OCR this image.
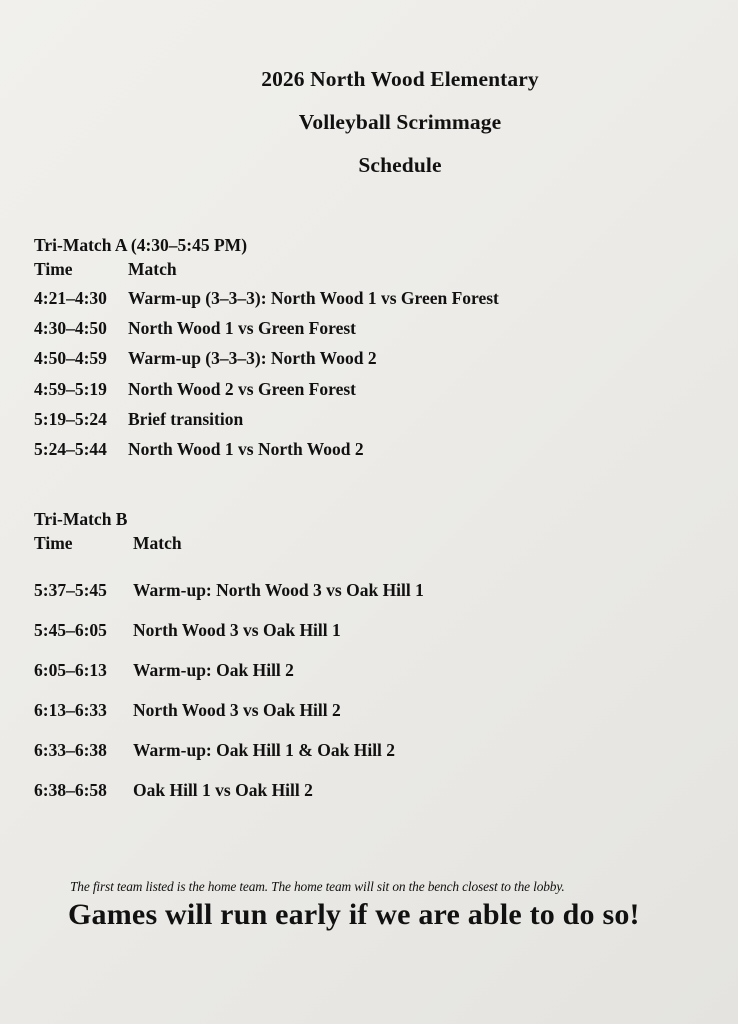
2026 North Wood Elementary
Volleyball Scrimmage
Schedule
Tri-Match A (4:30–5:45 PM)
Time	Match
4:21–4:30	Warm-up (3–3–3): North Wood 1 vs Green Forest
4:30–4:50	North Wood 1 vs Green Forest
4:50–4:59	Warm-up (3–3–3): North Wood 2
4:59–5:19	North Wood 2 vs Green Forest
5:19–5:24	Brief transition
5:24–5:44	North Wood 1 vs North Wood 2
Tri-Match B
Time	Match
5:37–5:45	Warm-up: North Wood 3 vs Oak Hill 1
5:45–6:05	North Wood 3 vs Oak Hill 1
6:05–6:13	Warm-up: Oak Hill 2
6:13–6:33	North Wood 3 vs Oak Hill 2
6:33–6:38	Warm-up: Oak Hill 1 & Oak Hill 2
6:38–6:58	Oak Hill 1 vs Oak Hill 2
The first team listed is the home team. The home team will sit on the bench closest to the lobby.
Games will run early if we are able to do so!
